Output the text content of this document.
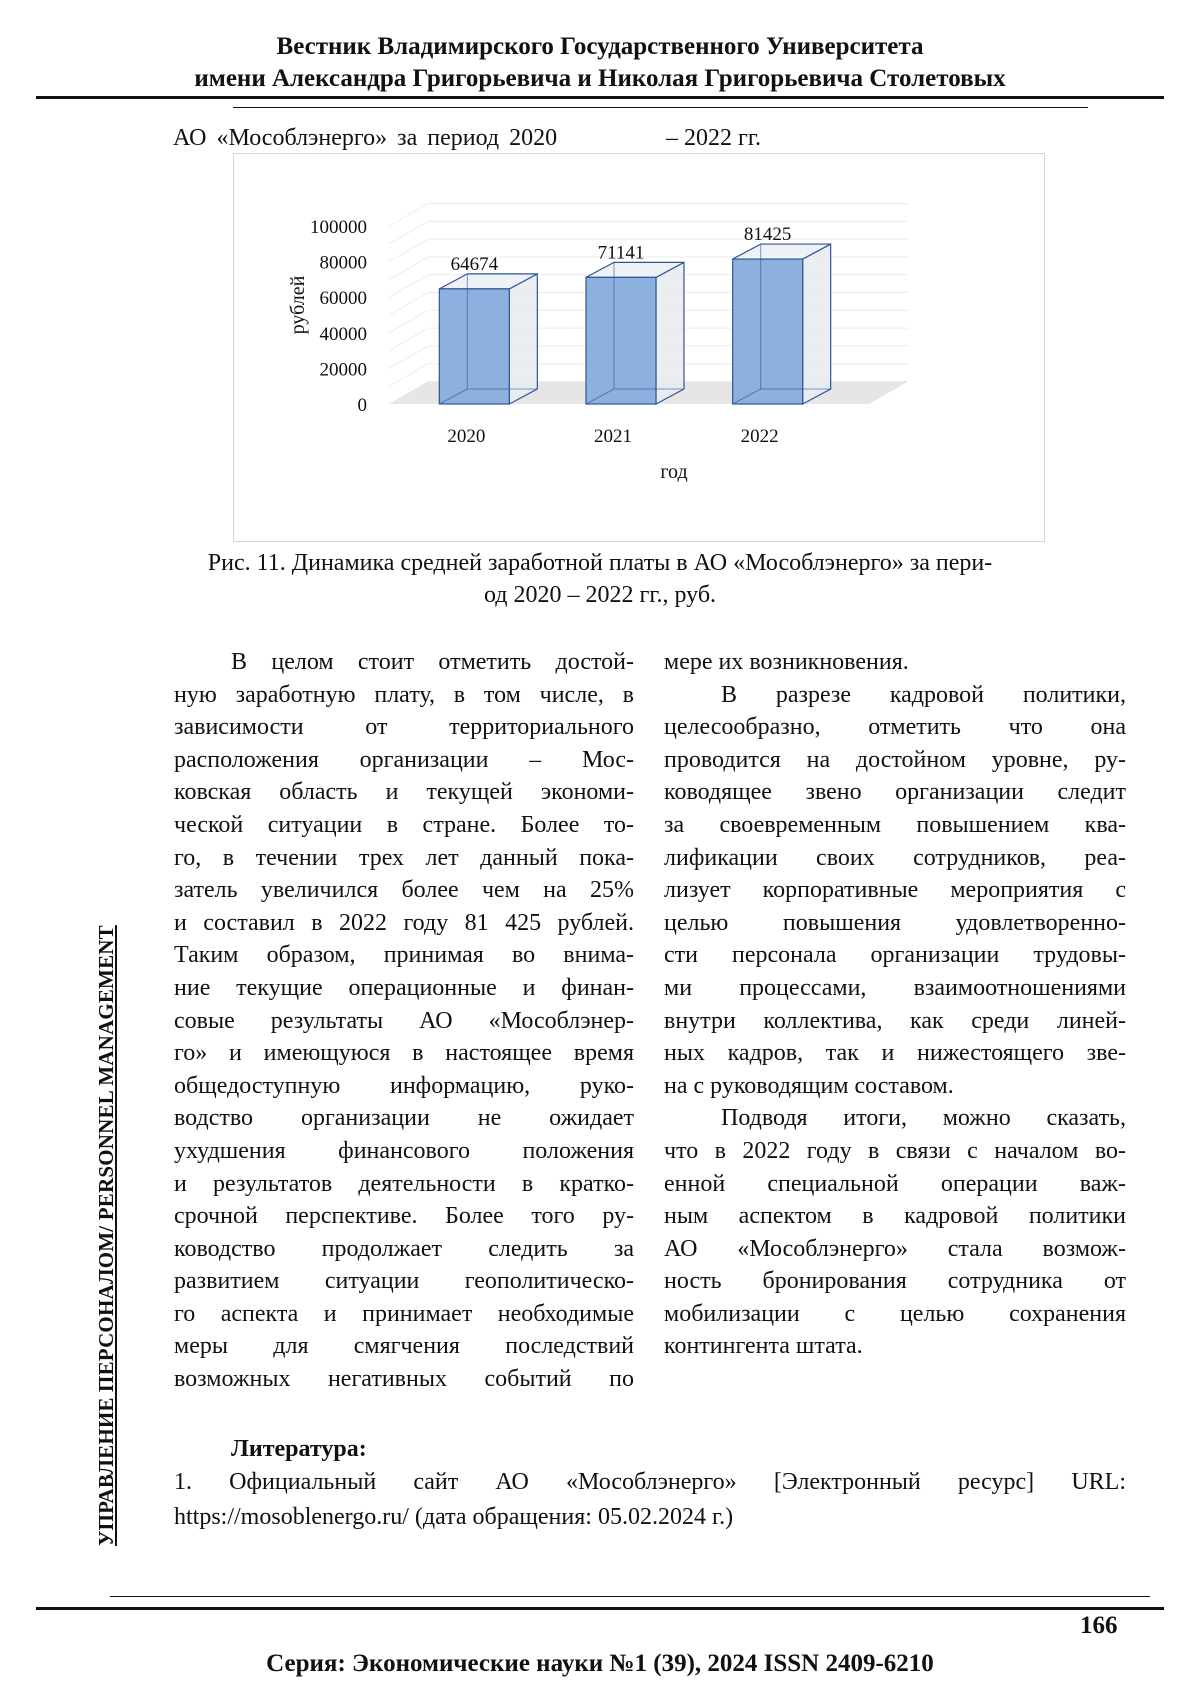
Вестник Владимирского Государственного Университета
имени Александра Григорьевича и Николая Григорьевича Столетовых
АО «Мособлэнерго» за период 2020	– 2022 гг.
0
20000
40000
60000
80000
100000
рублей
64674
2020
71141
2021
81425
2022
год
Рис. 11. Динамика средней заработной платы в АО «Мособлэнерго» за пери-
од 2020 – 2022 гг., руб.
В целом стоит отметить достой-
ную заработную плату, в том числе, в
зависимости от территориального
расположения организации – Мос-
ковская область и текущей экономи-
ческой ситуации в стране. Более то-
го, в течении трех лет данный пока-
затель увеличился более чем на 25%
и составил в 2022 году 81 425 рублей.
Таким образом, принимая во внима-
ние текущие операционные и финан-
совые результаты АО «Мособлэнер-
го» и имеющуюся в настоящее время
общедоступную информацию, руко-
водство организации не ожидает
ухудшения финансового положения
и результатов деятельности в кратко-
срочной перспективе. Более того ру-
ководство продолжает следить за
развитием ситуации геополитическо-
го аспекта и принимает необходимые
меры для смягчения последствий
возможных негативных событий по

мере их возникновения.

В разрезе кадровой политики,
целесообразно, отметить что она
проводится на достойном уровне, ру-
ководящее звено организации следит
за своевременным повышением ква-
лификации своих сотрудников, реа-
лизует корпоративные мероприятия с
целью повышения удовлетворенно-
сти персонала организации трудовы-
ми процессами, взаимоотношениями
внутри коллектива, как среди линей-
ных кадров, так и нижестоящего зве-
на с руководящим составом.

Подводя итоги, можно сказать,
что в 2022 году в связи с началом во-
енной специальной операции важ-
ным аспектом в кадровой политики
АО «Мособлэнерго» стала возмож-
ность бронирования сотрудника от
мобилизации с целью сохранения
контингента штата.

Литература:
1. Официальный сайт АО «Мособлэнерго» [Электронный ресурс] URL:
https://mosoblenergo.ru/ (дата обращения: 05.02.2024 г.)
УПРАВЛЕНИЕ ПЕРСОНАЛОМ/ PERSONNEL MANAGEMENT
166
Серия: Экономические науки №1 (39), 2024 ISSN 2409-6210
